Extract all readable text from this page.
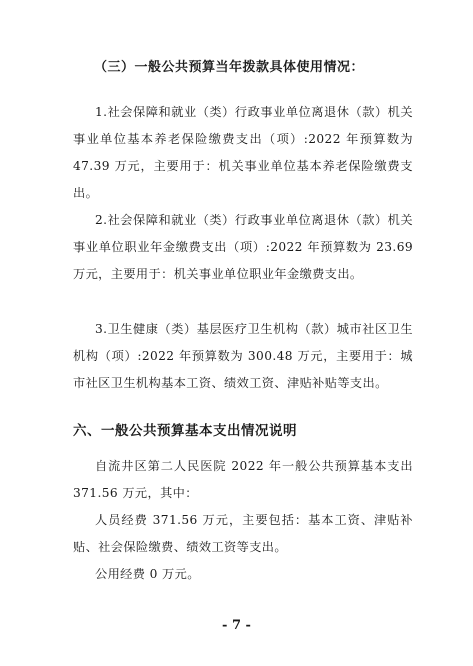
（三）一般公共预算当年拨款具体使用情况：

1.社会保障和就业（类）行政事业单位离退休（款）机关事业单位基本养老保险缴费支出（项）:2022 年预算数为 47.39 万元，主要用于：机关事业单位基本养老保险缴费支出。

2.社会保障和就业（类）行政事业单位离退休（款）机关事业单位职业年金缴费支出（项）:2022 年预算数为 23.69 万元，主要用于：机关事业单位职业年金缴费支出。

3.卫生健康（类）基层医疗卫生机构（款）城市社区卫生机构（项）:2022 年预算数为 300.48 万元，主要用于：城市社区卫生机构基本工资、绩效工资、津贴补贴等支出。

六、一般公共预算基本支出情况说明

自流井区第二人民医院 2022 年一般公共预算基本支出 371.56 万元，其中：

人员经费 371.56 万元，主要包括：基本工资、津贴补贴、社会保险缴费、绩效工资等支出。

公用经费 0 万元。

- 7 -
